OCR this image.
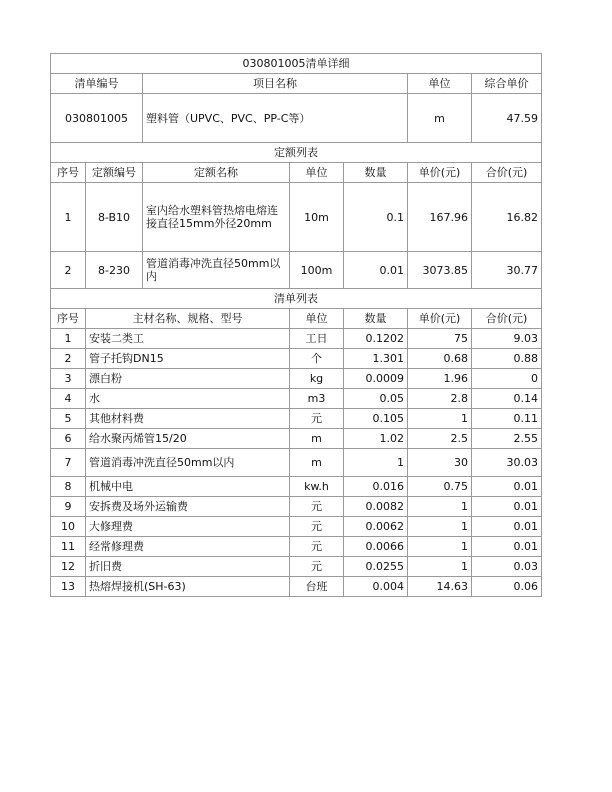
030801005清单详细						
清单编号		项目名称			单位	综合单价
030801005		塑料管（UPVC、PVC、PP-C等）			m	47.59
定额列表						
序号	定额编号	定额名称	单位	数量	单价(元)	合价(元)
1	8-B10	室内给水塑料管热熔电熔连接直径15mm外径20mm	10m	0.1	167.96	16.82
2	8-230	管道消毒冲洗直径50mm以内	100m	0.01	3073.85	30.77
清单列表						
序号	主材名称、规格、型号		单位	数量	单价(元)	合价(元)
1	安装二类工		工日	0.1202	75	9.03
2	管子托钩DN15		个	1.301	0.68	0.88
3	漂白粉		kg	0.0009	1.96	0
4	水		m3	0.05	2.8	0.14
5	其他材料费		元	0.105	1	0.11
6	给水聚丙烯管15/20		m	1.02	2.5	2.55
7	管道消毒冲洗直径50mm以内		m	1	30	30.03
8	机械中电		kw.h	0.016	0.75	0.01
9	安拆费及场外运输费		元	0.0082	1	0.01
10	大修理费		元	0.0062	1	0.01
11	经常修理费		元	0.0066	1	0.01
12	折旧费		元	0.0255	1	0.03
13	热熔焊接机(SH-63)		台班	0.004	14.63	0.06
